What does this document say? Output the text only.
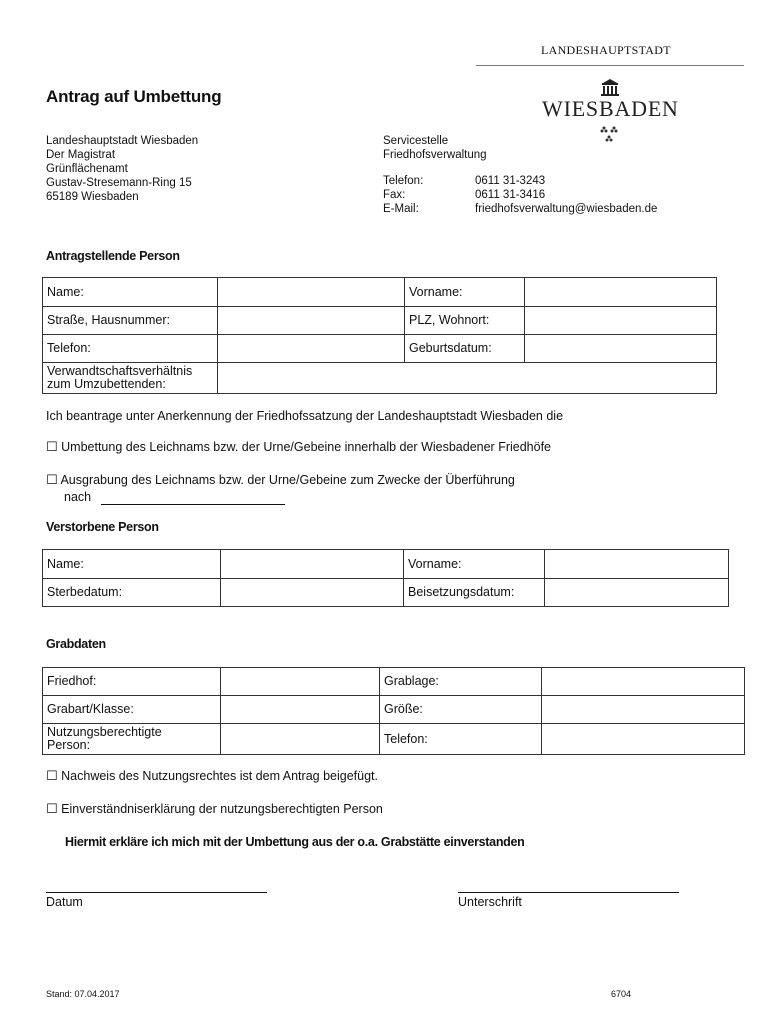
LANDESHAUPTSTADT
WIESBADEN
Antrag auf Umbettung
Landeshauptstadt Wiesbaden
Der Magistrat
Grünflächenamt
Gustav-Stresemann-Ring 15
65189 Wiesbaden
Servicestelle
Friedhofsverwaltung
Telefon:	0611 31-3243
Fax:	0611 31-3416
E-Mail:	friedhofsverwaltung@wiesbaden.de
Antragstellende Person
Name:		Vorname:	
Straße, Hausnummer:		PLZ, Wohnort:	
Telefon:		Geburtsdatum:	

Verwandtschaftsverhältnis
zum Umzubettenden:			

Ich beantrage unter Anerkennung der Friedhofssatzung der Landeshauptstadt Wiesbaden die
☐ Umbettung des Leichnams bzw. der Urne/Gebeine innerhalb der Wiesbadener Friedhöfe
☐ Ausgrabung des Leichnams bzw. der Urne/Gebeine zum Zwecke der Überführung
nach
Verstorbene Person
Name:		Vorname:	
Sterbedatum:		Beisetzungsdatum:	
Grabdaten
Friedhof:		Grablage:	
Grabart/Klasse:		Größe:	

Nutzungsberechtigte
Person:		Telefon:	
☐ Nachweis des Nutzungsrechtes ist dem Antrag beigefügt.
☐ Einverständniserklärung der nutzungsberechtigten Person
Hiermit erkläre ich mich mit der Umbettung aus der o.a. Grabstätte einverstanden
Datum	Unterschrift
Stand: 07.04.2017	6704
